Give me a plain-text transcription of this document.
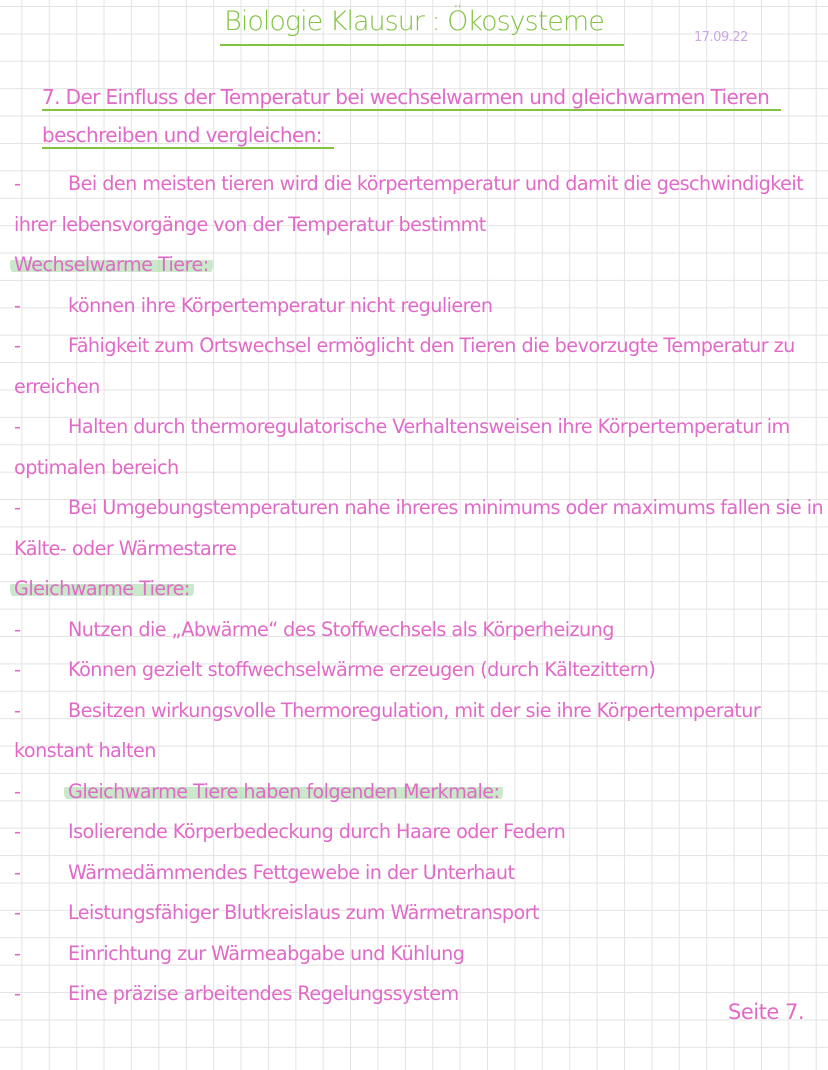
Biologie Klausur : Ökosysteme
17.09.22
7. Der Einfluss der Temperatur bei wechselwarmen und gleichwarmen Tieren
beschreiben und vergleichen:
- Bei den meisten tieren wird die körpertemperatur und damit die geschwindigkeit
ihrer lebensvorgänge von der Temperatur bestimmt
Wechselwarme Tiere:
- können ihre Körpertemperatur nicht regulieren
- Fähigkeit zum Ortswechsel ermöglicht den Tieren die bevorzugte Temperatur zu
erreichen
- Halten durch thermoregulatorische Verhaltensweisen ihre Körpertemperatur im
optimalen bereich
- Bei Umgebungstemperaturen nahe ihreres minimums oder maximums fallen sie in
Kälte- oder Wärmestarre
Gleichwarme Tiere:
- Nutzen die „Abwärme“ des Stoffwechsels als Körperheizung
- Können gezielt stoffwechselwärme erzeugen (durch Kältezittern)
- Besitzen wirkungsvolle Thermoregulation, mit der sie ihre Körpertemperatur
konstant halten
- Gleichwarme Tiere haben folgenden Merkmale:
- Isolierende Körperbedeckung durch Haare oder Federn
- Wärmedämmendes Fettgewebe in der Unterhaut
- Leistungsfähiger Blutkreislaus zum Wärmetransport
- Einrichtung zur Wärmeabgabe und Kühlung
- Eine präzise arbeitendes Regelungssystem
Seite 7.
